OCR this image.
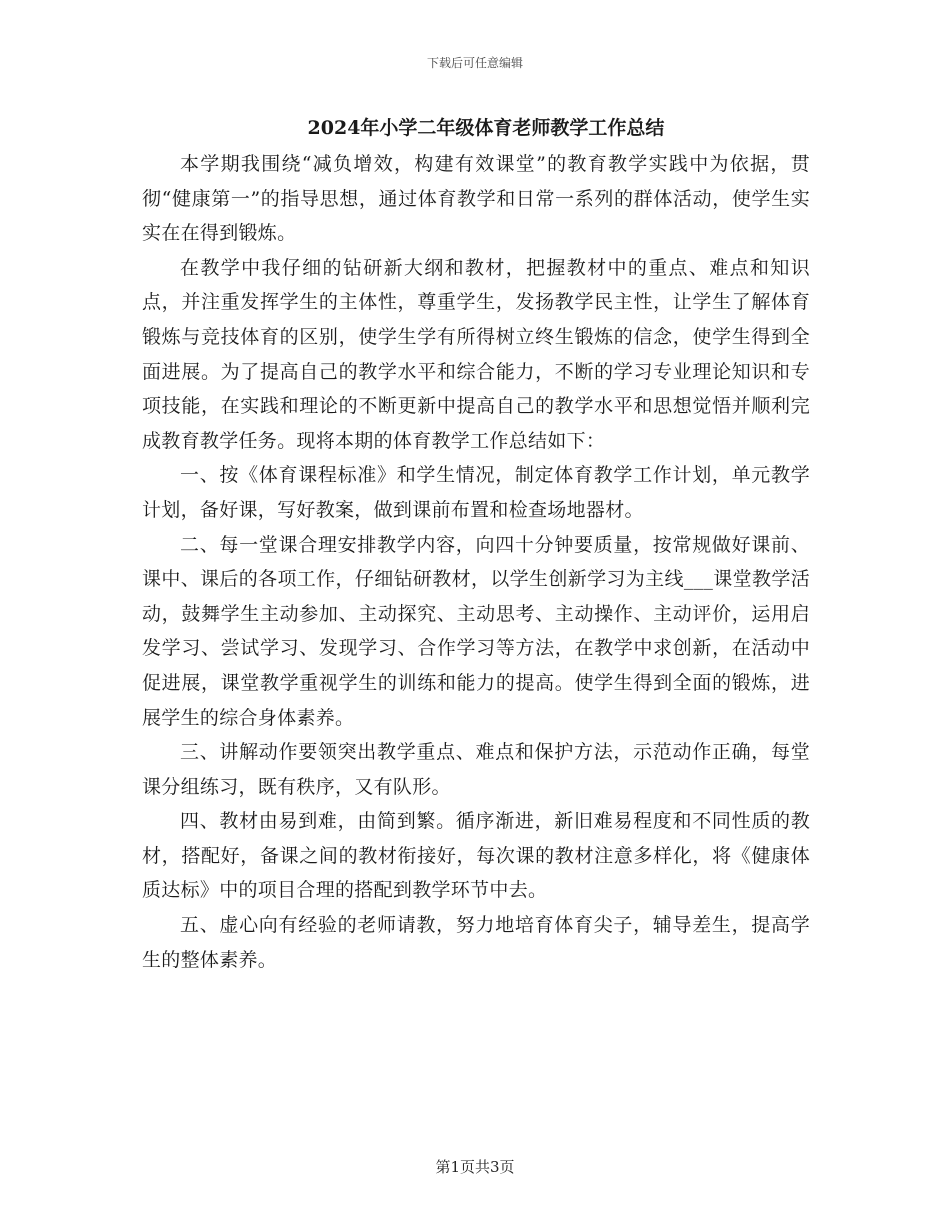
下载后可任意编辑
2024年小学二年级体育老师教学工作总结

本学期我围绕“减负增效，构建有效课堂”的教育教学实践中为依据，贯彻“健康第一”的指导思想，通过体育教学和日常一系列的群体活动，使学生实实在在得到锻炼。

在教学中我仔细的钻研新大纲和教材，把握教材中的重点、难点和知识点，并注重发挥学生的主体性，尊重学生，发扬教学民主性，让学生了解体育锻炼与竞技体育的区别，使学生学有所得树立终生锻炼的信念，使学生得到全面进展。为了提高自己的教学水平和综合能力，不断的学习专业理论知识和专项技能，在实践和理论的不断更新中提高自己的教学水平和思想觉悟并顺利完成教育教学任务。现将本期的体育教学工作总结如下：

一、按《体育课程标准》和学生情况，制定体育教学工作计划，单元教学计划，备好课，写好教案，做到课前布置和检查场地器材。

二、每一堂课合理安排教学内容，向四十分钟要质量，按常规做好课前、课中、课后的各项工作，仔细钻研教材，以学生创新学习为主线___课堂教学活动，鼓舞学生主动参加、主动探究、主动思考、主动操作、主动评价，运用启发学习、尝试学习、发现学习、合作学习等方法，在教学中求创新，在活动中促进展，课堂教学重视学生的训练和能力的提高。使学生得到全面的锻炼，进展学生的综合身体素养。

三、讲解动作要领突出教学重点、难点和保护方法，示范动作正确，每堂课分组练习，既有秩序，又有队形。

四、教材由易到难，由简到繁。循序渐进，新旧难易程度和不同性质的教材，搭配好，备课之间的教材衔接好，每次课的教材注意多样化，将《健康体质达标》中的项目合理的搭配到教学环节中去。

五、虚心向有经验的老师请教，努力地培育体育尖子，辅导差生，提高学生的整体素养。

第1页共3页
